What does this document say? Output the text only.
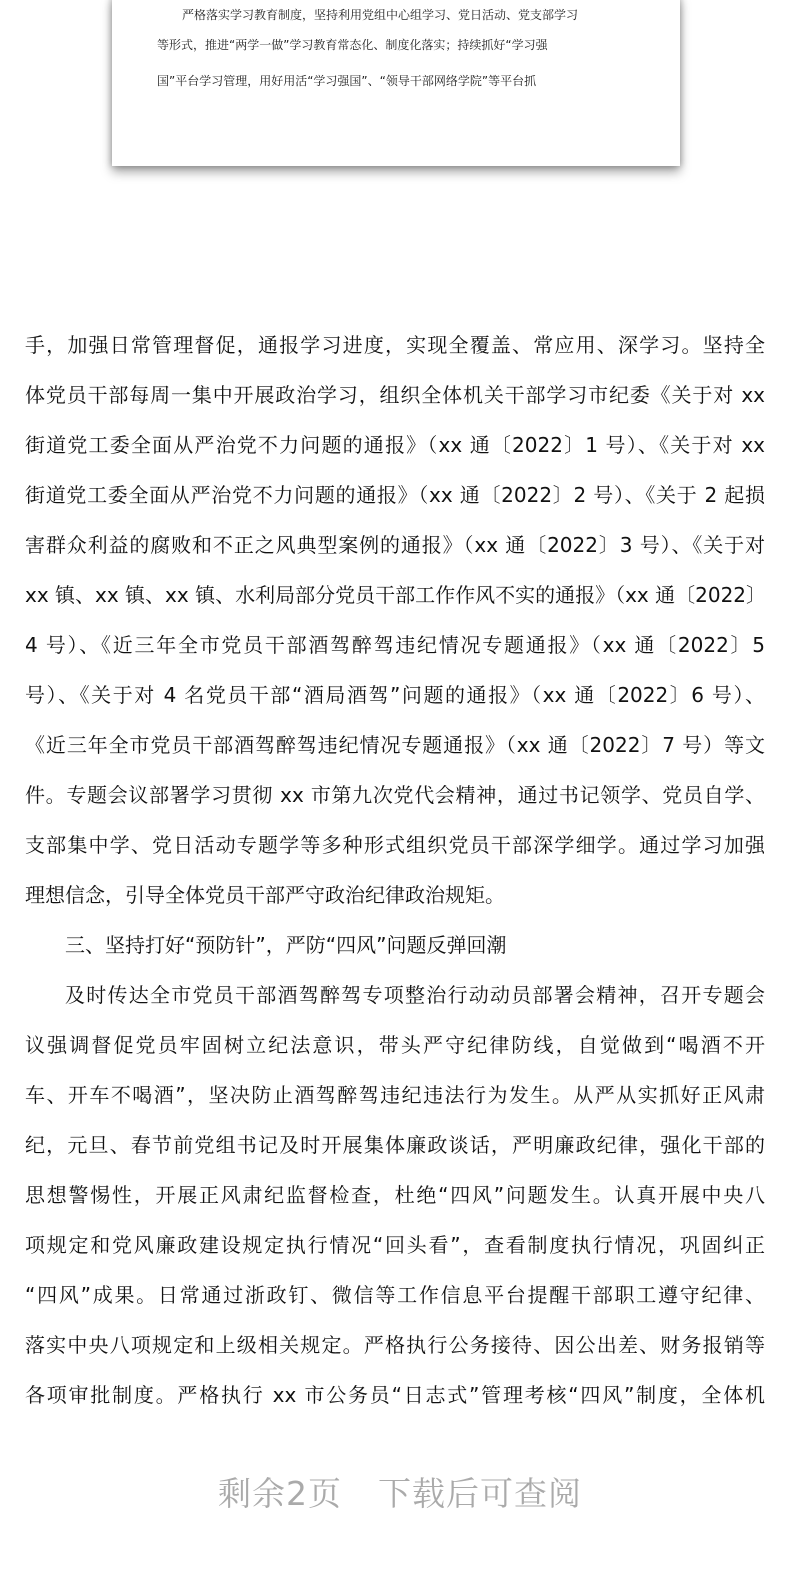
严格落实学习教育制度，坚持利用党组中心组学习、党日活动、党支部学习
等形式，推进“两学一做”学习教育常态化、制度化落实；持续抓好“学习强
国”平台学习管理，用好用活“学习强国”、“领导干部网络学院”等平台抓
手，加强日常管理督促，通报学习进度，实现全覆盖、常应用、深学习。坚持全
体党员干部每周一集中开展政治学习，组织全体机关干部学习市纪委《关于对 xx
街道党工委全面从严治党不力问题的通报》（xx 通〔2022〕1 号）、《关于对 xx
街道党工委全面从严治党不力问题的通报》（xx 通〔2022〕2 号）、《关于 2 起损
害群众利益的腐败和不正之风典型案例的通报》（xx 通〔2022〕3 号）、《关于对
xx 镇、xx 镇、xx 镇、水利局部分党员干部工作作风不实的通报》（xx 通〔2022〕
4 号）、《近三年全市党员干部酒驾醉驾违纪情况专题通报》（xx 通〔2022〕5
号）、《关于对 4 名党员干部“酒局酒驾”问题的通报》（xx 通〔2022〕6 号）、
《近三年全市党员干部酒驾醉驾违纪情况专题通报》（xx 通〔2022〕7 号）等文
件。专题会议部署学习贯彻 xx 市第九次党代会精神，通过书记领学、党员自学、
支部集中学、党日活动专题学等多种形式组织党员干部深学细学。通过学习加强
理想信念，引导全体党员干部严守政治纪律政治规矩。
三、坚持打好“预防针”，严防“四风”问题反弹回潮
及时传达全市党员干部酒驾醉驾专项整治行动动员部署会精神，召开专题会
议强调督促党员牢固树立纪法意识，带头严守纪律防线，自觉做到“喝酒不开
车、开车不喝酒”，坚决防止酒驾醉驾违纪违法行为发生。从严从实抓好正风肃
纪，元旦、春节前党组书记及时开展集体廉政谈话，严明廉政纪律，强化干部的
思想警惕性，开展正风肃纪监督检查，杜绝“四风”问题发生。认真开展中央八
项规定和党风廉政建设规定执行情况“回头看”，查看制度执行情况，巩固纠正
“四风”成果。日常通过浙政钉、微信等工作信息平台提醒干部职工遵守纪律、
落实中央八项规定和上级相关规定。严格执行公务接待、因公出差、财务报销等
各项审批制度。严格执行 xx 市公务员“日志式”管理考核“四风”制度，全体机
剩余2页 下载后可查阅
